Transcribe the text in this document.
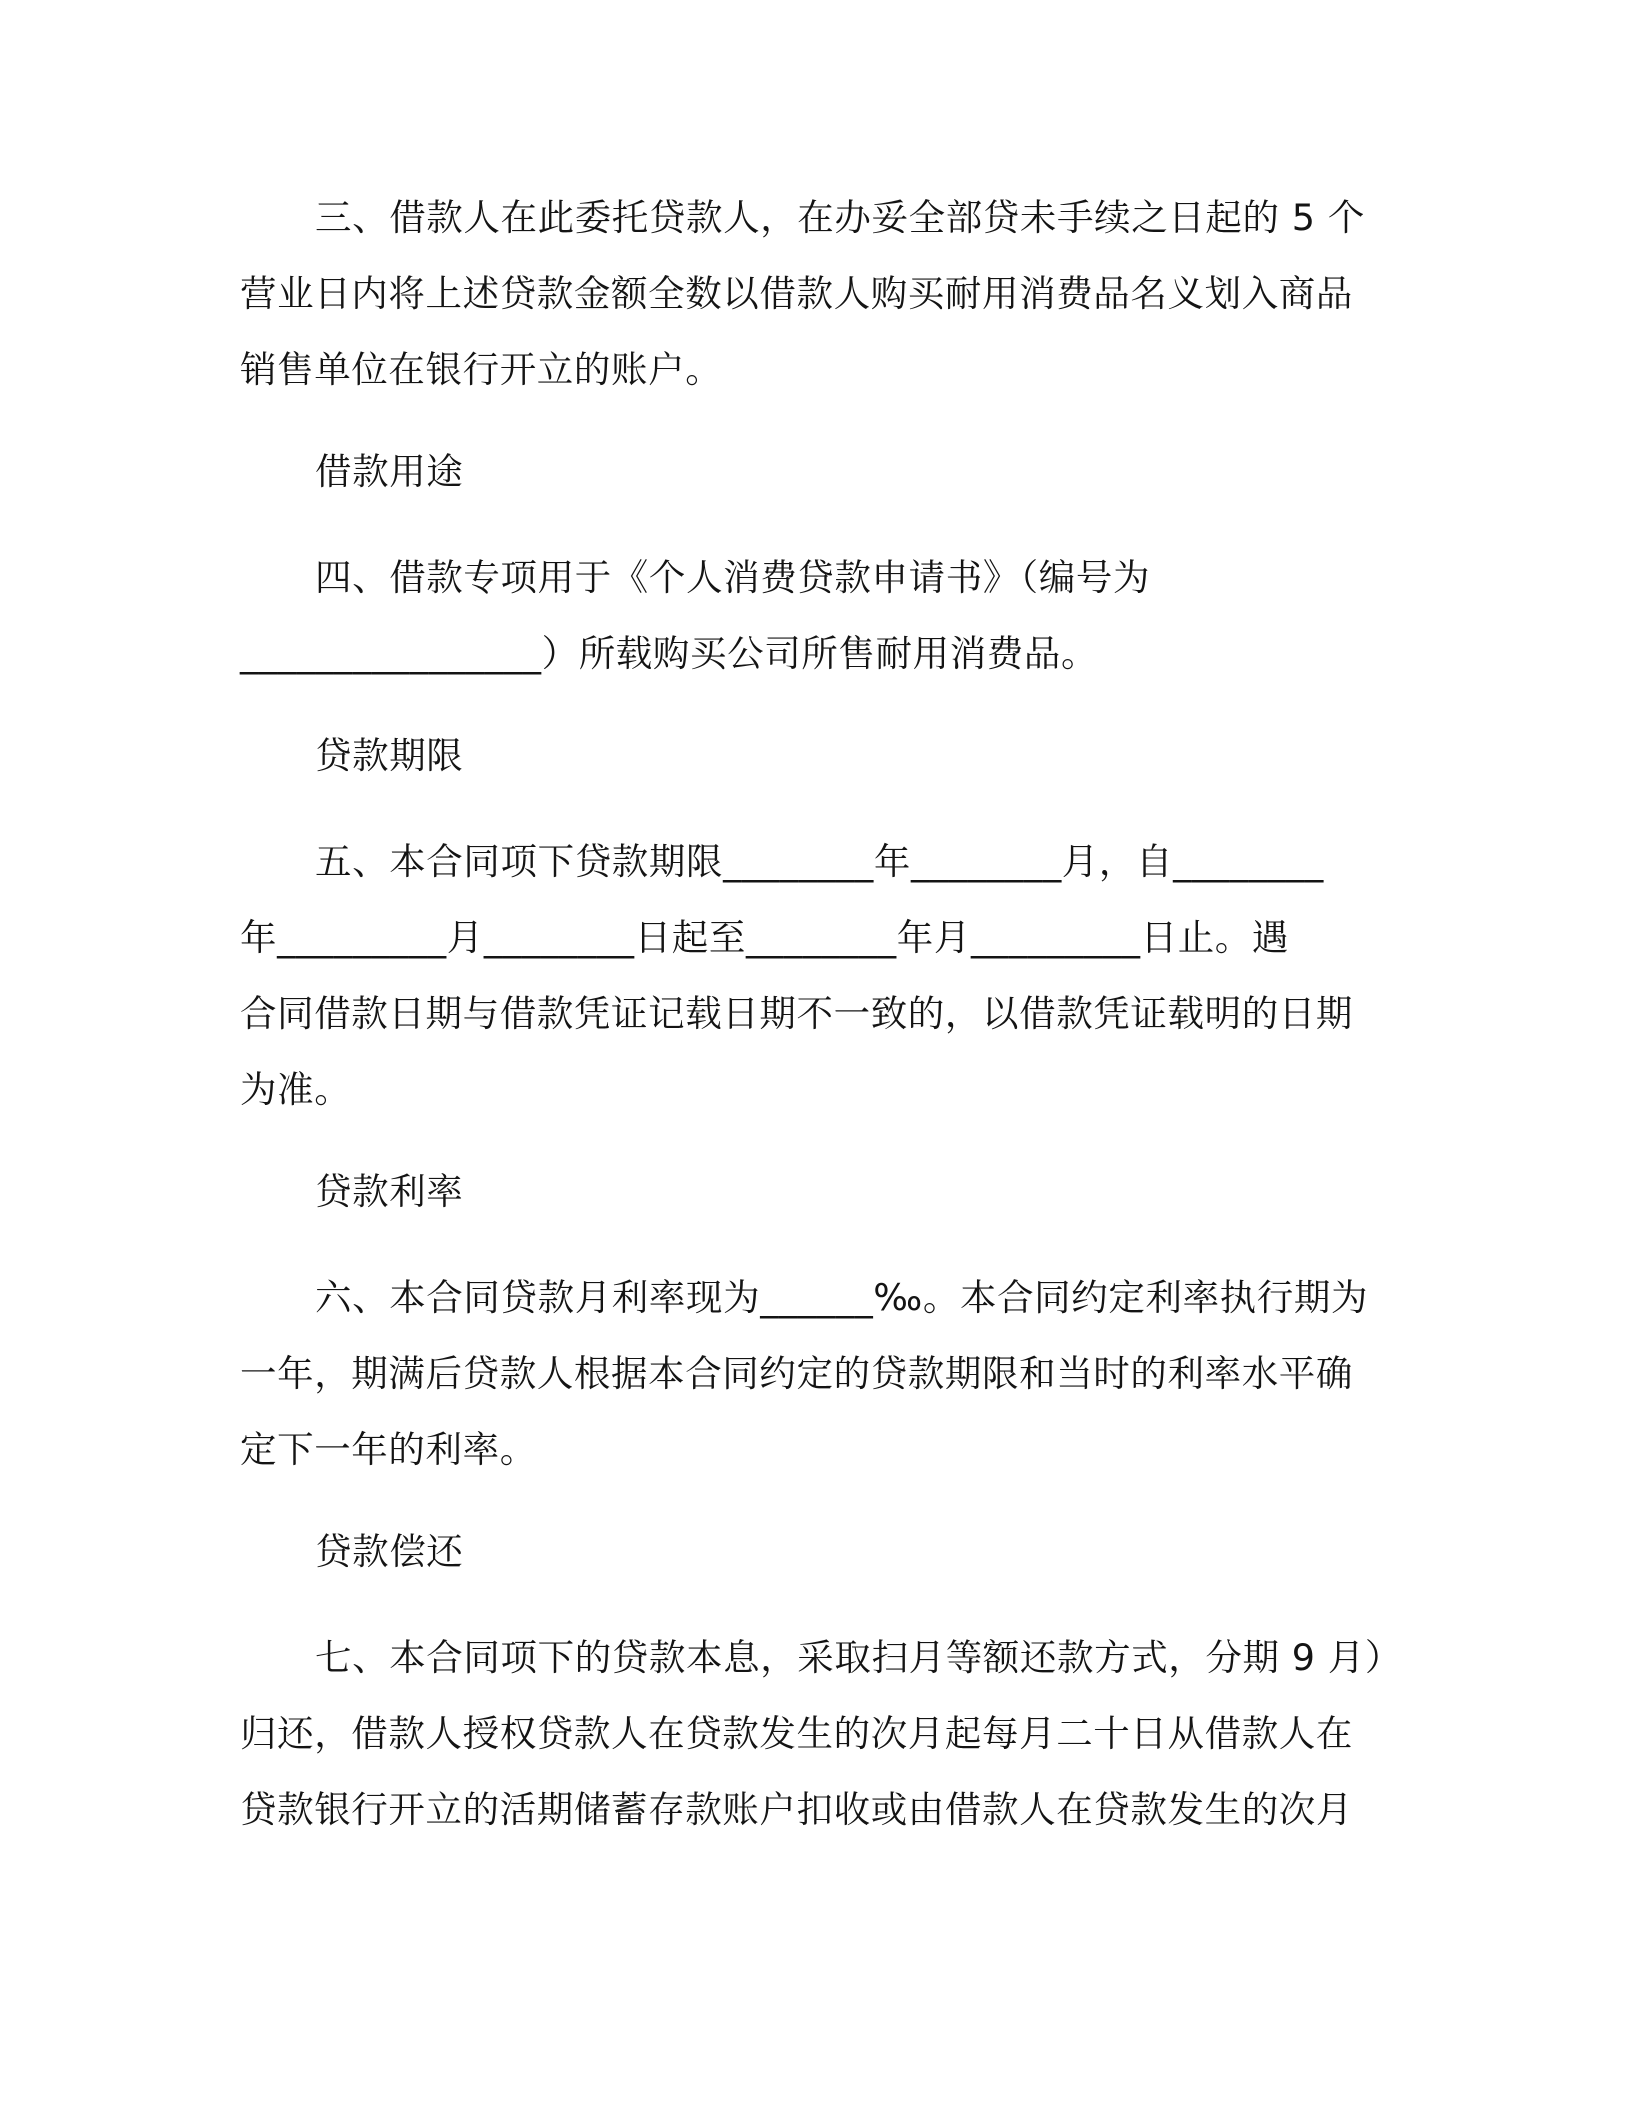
三、借款人在此委托贷款人，在办妥全部贷未手续之日起的 5 个
营业日内将上述贷款金额全数以借款人购买耐用消费品名义划入商品
销售单位在银行开立的账户。
借款用途
四、借款专项用于《个人消费贷款申请书》（编号为
________________）所载购买公司所售耐用消费品。
贷款期限
五、本合同项下贷款期限________年________月，自________
年_________月________日起至________年月_________日止。遇
合同借款日期与借款凭证记载日期不一致的，以借款凭证载明的日期
为准。
贷款利率
六、本合同贷款月利率现为______‰。本合同约定利率执行期为
一年，期满后贷款人根据本合同约定的贷款期限和当时的利率水平确
定下一年的利率。
贷款偿还
七、本合同项下的贷款本息，采取扫月等额还款方式，分期 9 月）
归还，借款人授权贷款人在贷款发生的次月起每月二十日从借款人在
贷款银行开立的活期储蓄存款账户扣收或由借款人在贷款发生的次月
